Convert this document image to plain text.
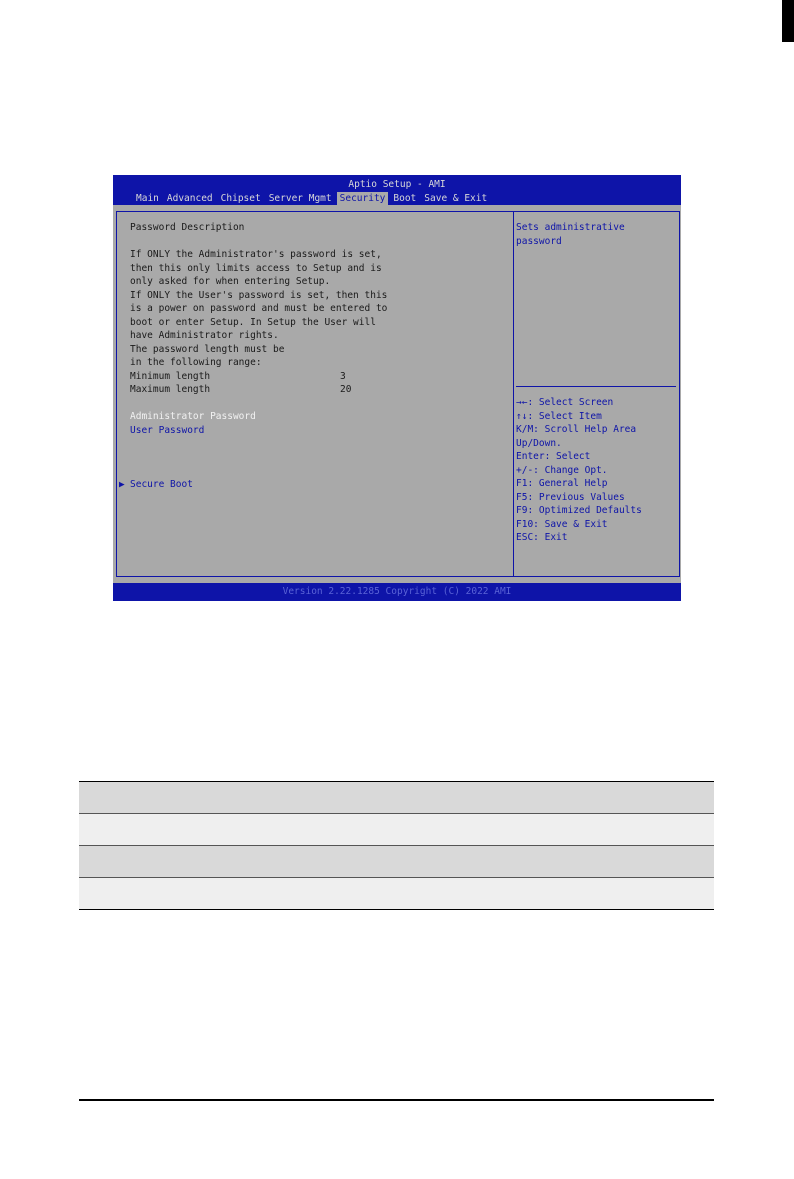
Aptio Setup - AMI
Main Advanced Chipset Server Mgmt Security Boot Save & Exit
Password Description
If ONLY the Administrator's password is set,
then this only limits access to Setup and is
only asked for when entering Setup.
If ONLY the User's password is set, then this
is a power on password and must be entered to
boot or enter Setup. In Setup the User will
have Administrator rights.
The password length must be
in the following range:
Minimum length	3
Maximum length	20
Administrator Password
User Password
▶ Secure Boot
Sets administrative
password
→←: Select Screen
↑↓: Select Item
K/M: Scroll Help Area
Up/Down.
Enter: Select
+/-: Change Opt.
F1: General Help
F5: Previous Values
F9: Optimized Defaults
F10: Save & Exit
ESC: Exit
Version 2.22.1285 Copyright (C) 2022 AMI
